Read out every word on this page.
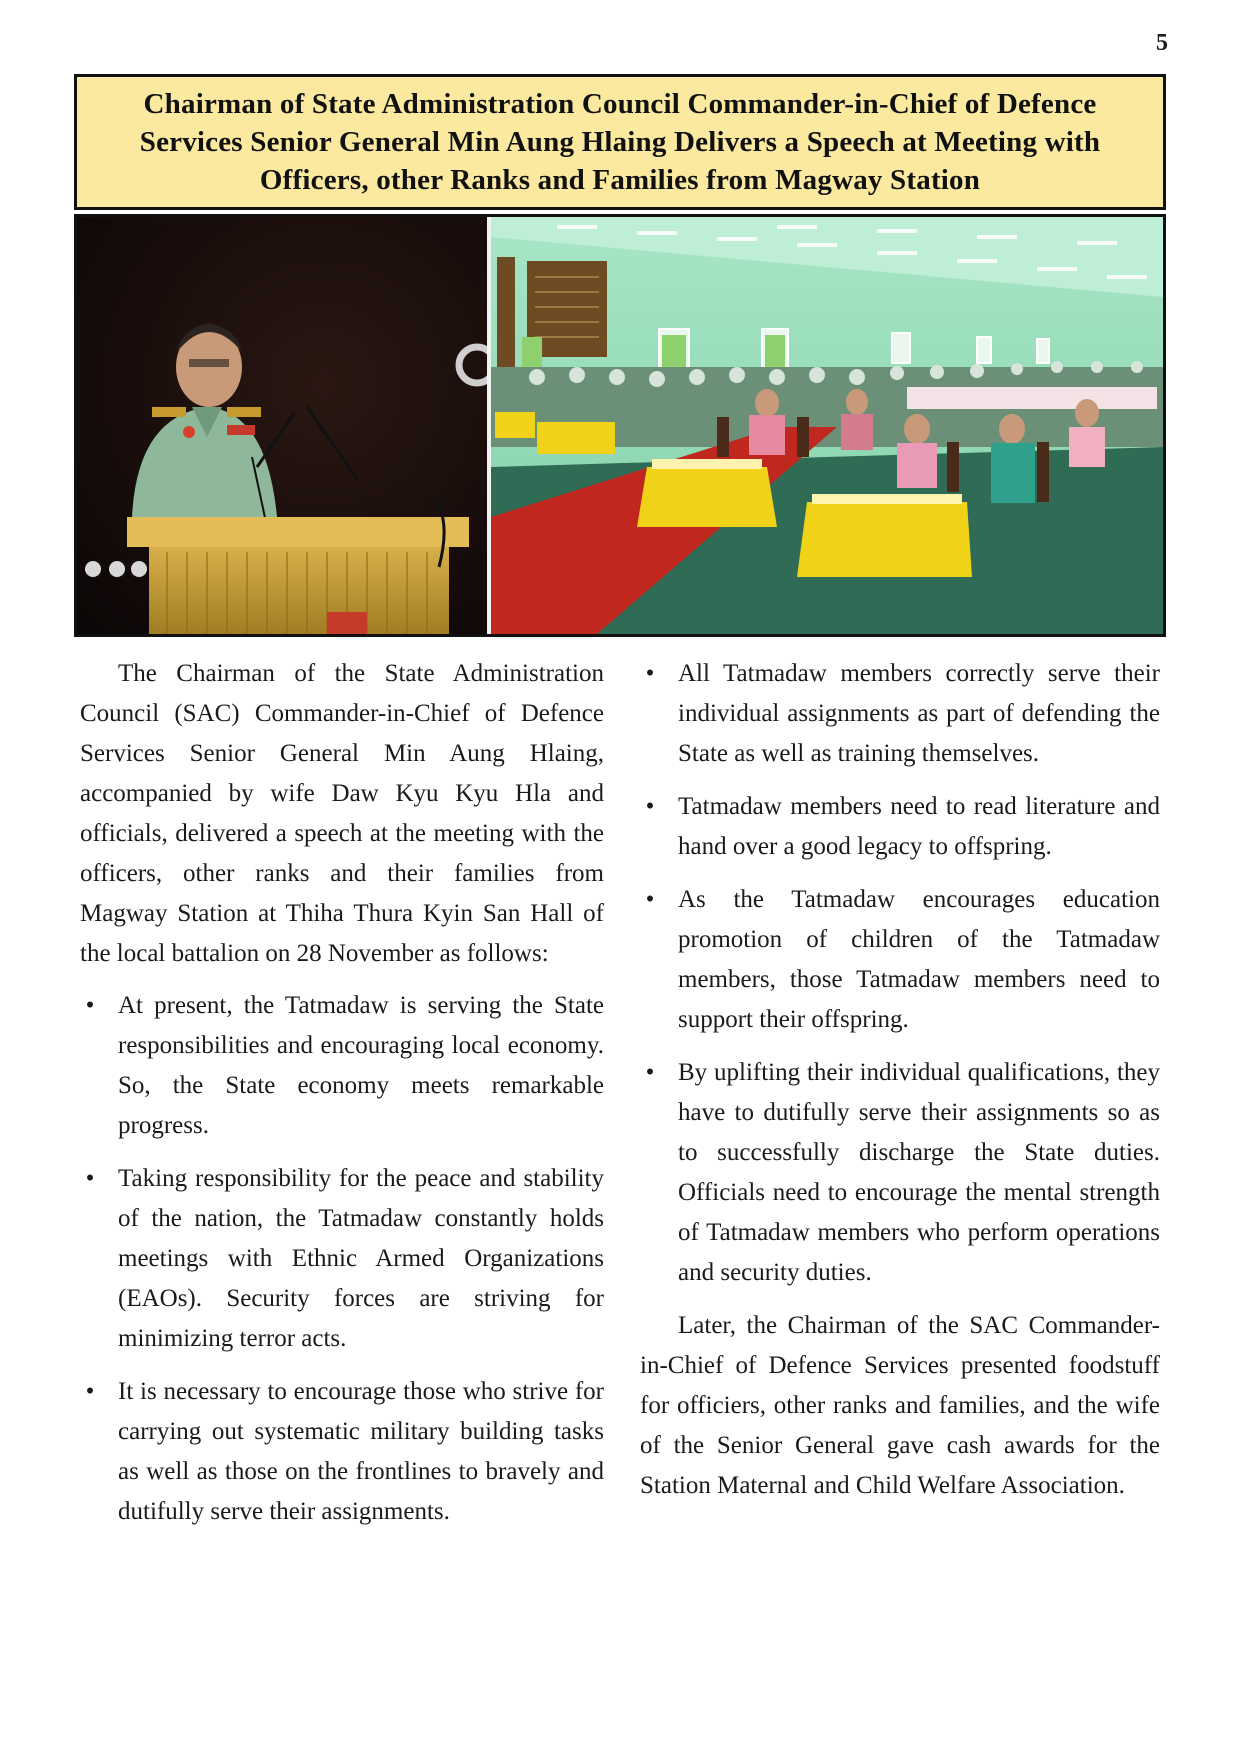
5
Chairman of State Administration Council Commander-in-Chief of Defence Services Senior General Min Aung Hlaing Delivers a Speech at Meeting with Officers, other Ranks and Families from Magway Station

The Chairman of the State Administration Council (SAC) Commander-in-Chief of Defence Services Senior General Min Aung Hlaing, accompanied by wife Daw Kyu Kyu Hla and officials, delivered a speech at the meeting with the officers, other ranks and their families from Magway Station at Thiha Thura Kyin San Hall of the local battalion on 28 November as follows:

• At present, the Tatmadaw is serving the State responsibilities and encouraging local economy. So, the State economy meets remarkable progress.
• Taking responsibility for the peace and stability of the nation, the Tatmadaw constantly holds meetings with Ethnic Armed Organizations (EAOs). Security forces are striving for minimizing terror acts.
• It is necessary to encourage those who strive for carrying out systematic military building tasks as well as those on the frontlines to bravely and dutifully serve their assignments.
• All Tatmadaw members correctly serve their individual assignments as part of defending the State as well as training themselves.
• Tatmadaw members need to read literature and hand over a good legacy to offspring.
• As the Tatmadaw encourages education promotion of children of the Tatmadaw members, those Tatmadaw members need to support their offspring.
• By uplifting their individual qualifications, they have to dutifully serve their assignments so as to successfully discharge the State duties. Officials need to encourage the mental strength of Tatmadaw members who perform operations and security duties.

Later, the Chairman of the SAC Commander-in-Chief of Defence Services presented foodstuff for officiers, other ranks and families, and the wife of the Senior General gave cash awards for the Station Maternal and Child Welfare Association.
